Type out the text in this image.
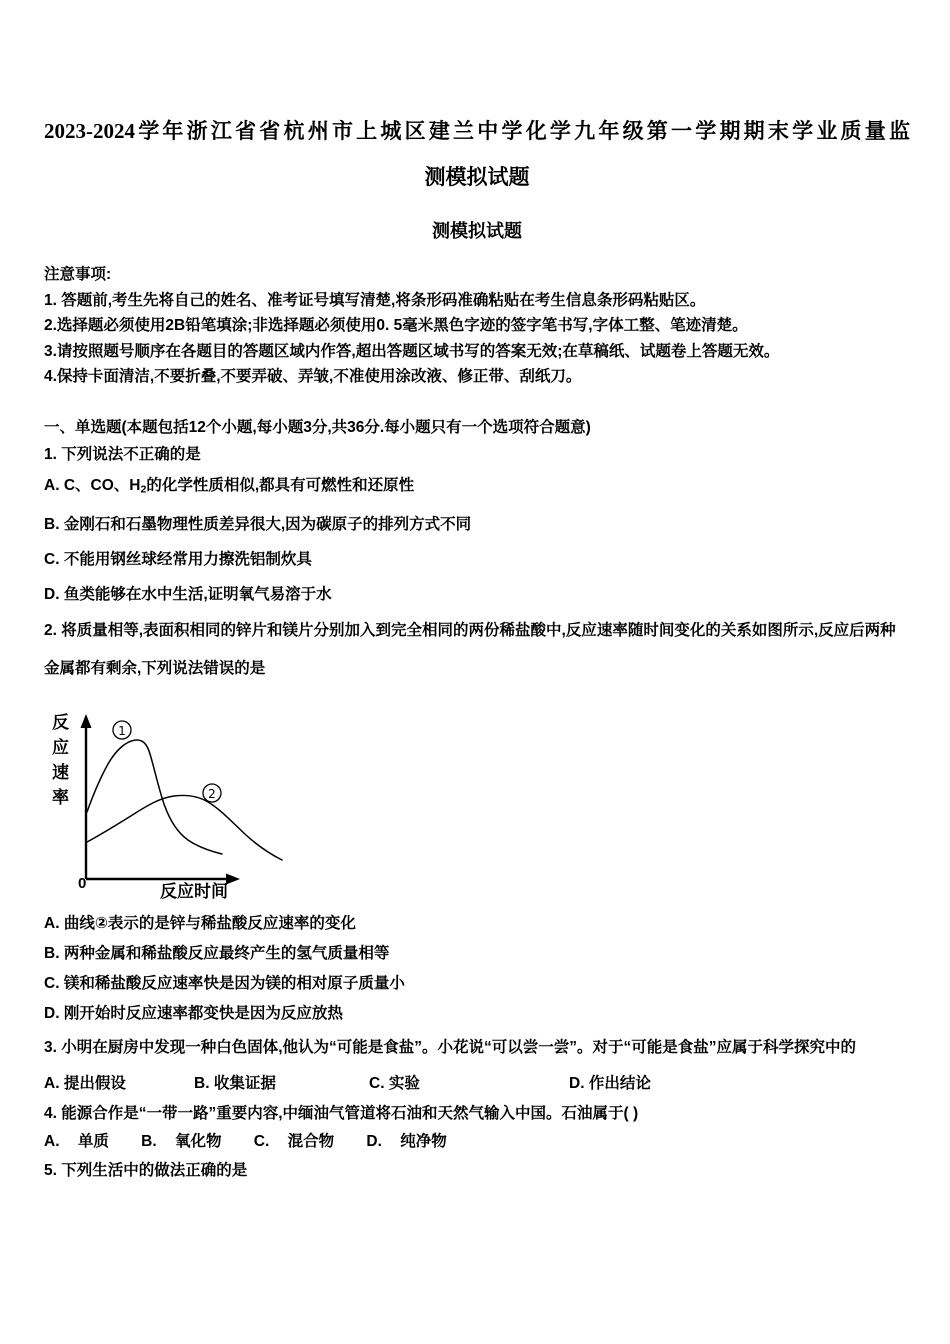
2023-2024学年浙江省省杭州市上城区建兰中学化学九年级第一学期期末学业质量监
测模拟试题
测模拟试题
注意事项:
1. 答题前,考生先将自己的姓名、准考证号填写清楚,将条形码准确粘贴在考生信息条形码粘贴区。
2.选择题必须使用2B铅笔填涂;非选择题必须使用0. 5毫米黑色字迹的签字笔书写,字体工整、笔迹清楚。
3.请按照题号顺序在各题目的答题区域内作答,超出答题区域书写的答案无效;在草稿纸、试题卷上答题无效。
4.保持卡面清洁,不要折叠,不要弄破、弄皱,不准使用涂改液、修正带、刮纸刀。
一、单选题(本题包括12个小题,每小题3分,共36分.每小题只有一个选项符合题意)
1. 下列说法不正确的是
A. C、CO、$H_2$的化学性质相似,都具有可燃性和还原性
B. 金刚石和石墨物理性质差异很大,因为碳原子的排列方式不同
C. 不能用钢丝球经常用力擦洗铝制炊具
D. 鱼类能够在水中生活,证明氧气易溶于水
2. 将质量相等,表面积相同的锌片和镁片分别加入到完全相同的两份稀盐酸中,反应速率随时间变化的关系如图所示,反应后两种金属都有剩余,下列说法错误的是
反
应
速
率
1
2
0	反应时间
A. 曲线②表示的是锌与稀盐酸反应速率的变化
B. 两种金属和稀盐酸反应最终产生的氢气质量相等
C. 镁和稀盐酸反应速率快是因为镁的相对原子质量小
D. 刚开始时反应速率都变快是因为反应放热
3. 小明在厨房中发现一种白色固体,他认为“可能是食盐”。小花说“可以尝一尝”。对于“可能是食盐”应属于科学探究中的
A. 提出假设	B. 收集证据	C. 实验	D. 作出结论
4. 能源合作是“一带一路”重要内容,中缅油气管道将石油和天然气输入中国。石油属于( )
A. 单质 B. 氧化物 C. 混合物 D. 纯净物
5. 下列生活中的做法正确的是
